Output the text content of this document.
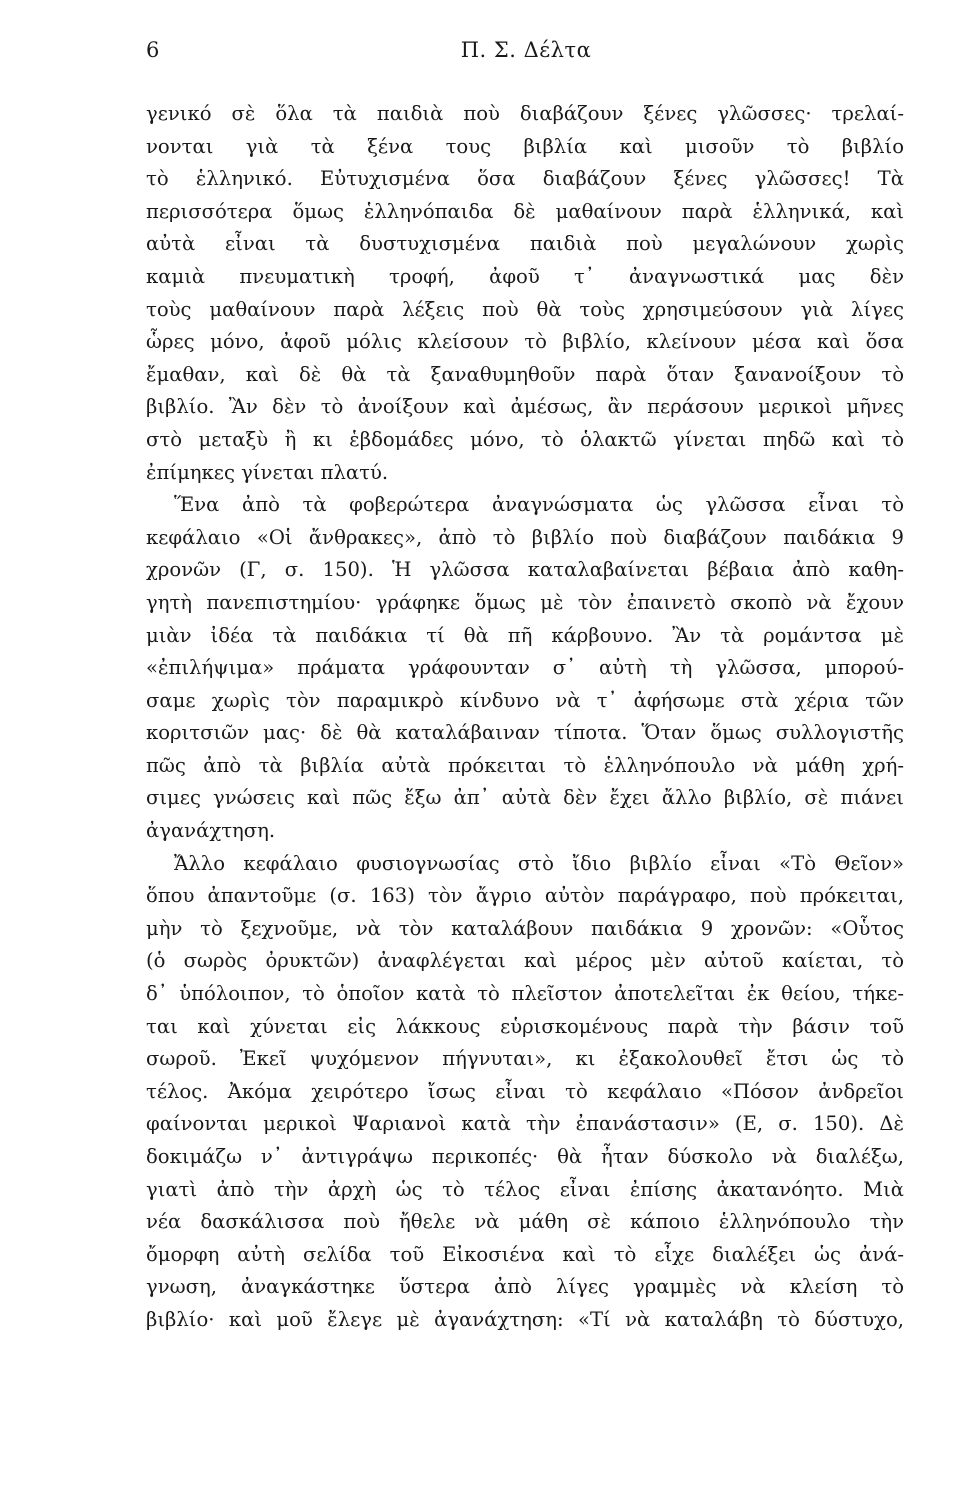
6	Π. Σ. Δέλτα
γενικό σὲ ὅλα τὰ παιδιὰ ποὺ διαβάζουν ξένες γλῶσσες· τρελαί-
νονται γιὰ τὰ ξένα τους βιβλία καὶ μισοῦν τὸ βιβλίο
τὸ ἑλληνικό. Εὐτυχισμένα ὅσα διαβάζουν ξένες γλῶσσες! Τὰ
περισσότερα ὅμως ἑλληνόπαιδα δὲ μαθαίνουν παρὰ ἑλληνικά, καὶ
αὐτὰ εἶναι τὰ δυστυχισμένα παιδιὰ ποὺ μεγαλώνουν χωρὶς
καμιὰ πνευματικὴ τροφή, ἀφοῦ τ᾿ ἀναγνωστικά μας δὲν
τοὺς μαθαίνουν παρὰ λέξεις ποὺ θὰ τοὺς χρησιμεύσουν γιὰ λίγες
ὧρες μόνο, ἀφοῦ μόλις κλείσουν τὸ βιβλίο, κλείνουν μέσα καὶ ὅσα
ἔμαθαν, καὶ δὲ θὰ τὰ ξαναθυμηθοῦν παρὰ ὅταν ξανανοίξουν τὸ
βιβλίο. Ἂν δὲν τὸ ἀνοίξουν καὶ ἀμέσως, ἂν περάσουν μερικοὶ μῆνες
στὸ μεταξὺ ἢ κι ἑβδομάδες μόνο, τὸ ὁλακτῶ γίνεται πηδῶ καὶ τὸ
ἐπίμηκες γίνεται πλατύ.
Ἕνα ἀπὸ τὰ φοβερώτερα ἀναγνώσματα ὡς γλῶσσα εἶναι τὸ
κεφάλαιο «Οἱ ἄνθρακες», ἀπὸ τὸ βιβλίο ποὺ διαβάζουν παιδάκια 9
χρονῶν (Γ, σ. 150). Ἡ γλῶσσα καταλαβαίνεται βέβαια ἀπὸ καθη-
γητὴ πανεπιστημίου· γράφηκε ὅμως μὲ τὸν ἐπαινετὸ σκοπὸ νὰ ἔχουν
μιὰν ἰδέα τὰ παιδάκια τί θὰ πῆ κάρβουνο. Ἂν τὰ ρομάντσα μὲ
«ἐπιλήψιμα» πράματα γράφουνταν σ᾿ αὐτὴ τὴ γλῶσσα, μπορού-
σαμε χωρὶς τὸν παραμικρὸ κίνδυνο νὰ τ᾿ ἀφήσωμε στὰ χέρια τῶν
κοριτσιῶν μας· δὲ θὰ καταλάβαιναν τίποτα. Ὅταν ὅμως συλλογιστῆς
πῶς ἀπὸ τὰ βιβλία αὐτὰ πρόκειται τὸ ἑλληνόπουλο νὰ μάθη χρή-
σιμες γνώσεις καὶ πῶς ἔξω ἀπ᾿ αὐτὰ δὲν ἔχει ἄλλο βιβλίο, σὲ πιάνει
ἀγανάχτηση.
Ἄλλο κεφάλαιο φυσιογνωσίας στὸ ἴδιο βιβλίο εἶναι «Τὸ Θεῖον»
ὅπου ἀπαντοῦμε (σ. 163) τὸν ἄγριο αὐτὸν παράγραφο, ποὺ πρόκειται,
μὴν τὸ ξεχνοῦμε, νὰ τὸν καταλάβουν παιδάκια 9 χρονῶν: «Οὗτος
(ὁ σωρὸς ὀρυκτῶν) ἀναφλέγεται καὶ μέρος μὲν αὐτοῦ καίεται, τὸ
δ᾿ ὑπόλοιπον, τὸ ὁποῖον κατὰ τὸ πλεῖστον ἀποτελεῖται ἐκ θείου, τήκε-
ται καὶ χύνεται εἰς λάκκους εὑρισκομένους παρὰ τὴν βάσιν τοῦ
σωροῦ. Ἐκεῖ ψυχόμενον πήγνυται», κι ἐξακολουθεῖ ἔτσι ὡς τὸ
τέλος. Ἀκόμα χειρότερο ἴσως εἶναι τὸ κεφάλαιο «Πόσον ἀνδρεῖοι
φαίνονται μερικοὶ Ψαριανοὶ κατὰ τὴν ἐπανάστασιν» (Ε, σ. 150). Δὲ
δοκιμάζω ν᾿ ἀντιγράψω περικοπές· θὰ ἦταν δύσκολο νὰ διαλέξω,
γιατὶ ἀπὸ τὴν ἀρχὴ ὡς τὸ τέλος εἶναι ἐπίσης ἀκατανόητο. Μιὰ
νέα δασκάλισσα ποὺ ἤθελε νὰ μάθη σὲ κάποιο ἑλληνόπουλο τὴν
ὄμορφη αὐτὴ σελίδα τοῦ Εἰκοσιένα καὶ τὸ εἶχε διαλέξει ὡς ἀνά-
γνωση, ἀναγκάστηκε ὕστερα ἀπὸ λίγες γραμμὲς νὰ κλείση τὸ
βιβλίο· καὶ μοῦ ἔλεγε μὲ ἀγανάχτηση: «Τί νὰ καταλάβη τὸ δύστυχο,
